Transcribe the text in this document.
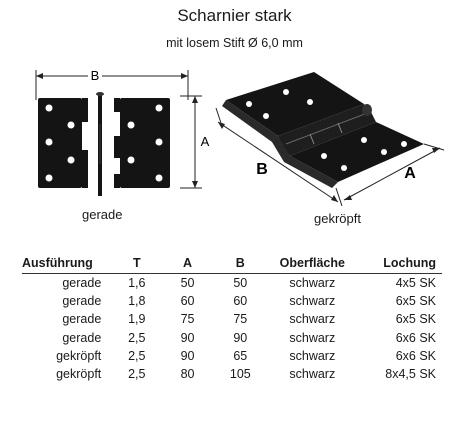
Scharnier stark
mit losem Stift Ø 6,0 mm
B
A
gerade
B	A
gekröpft
Ausführung	T	A	B	Oberfläche	Lochung
gerade	1,6	50	50	schwarz	4x5 SK
gerade	1,8	60	60	schwarz	6x5 SK
gerade	1,9	75	75	schwarz	6x5 SK
gerade	2,5	90	90	schwarz	6x6 SK
gekröpft	2,5	90	65	schwarz	6x6 SK
gekröpft	2,5	80	105	schwarz	8x4,5 SK
